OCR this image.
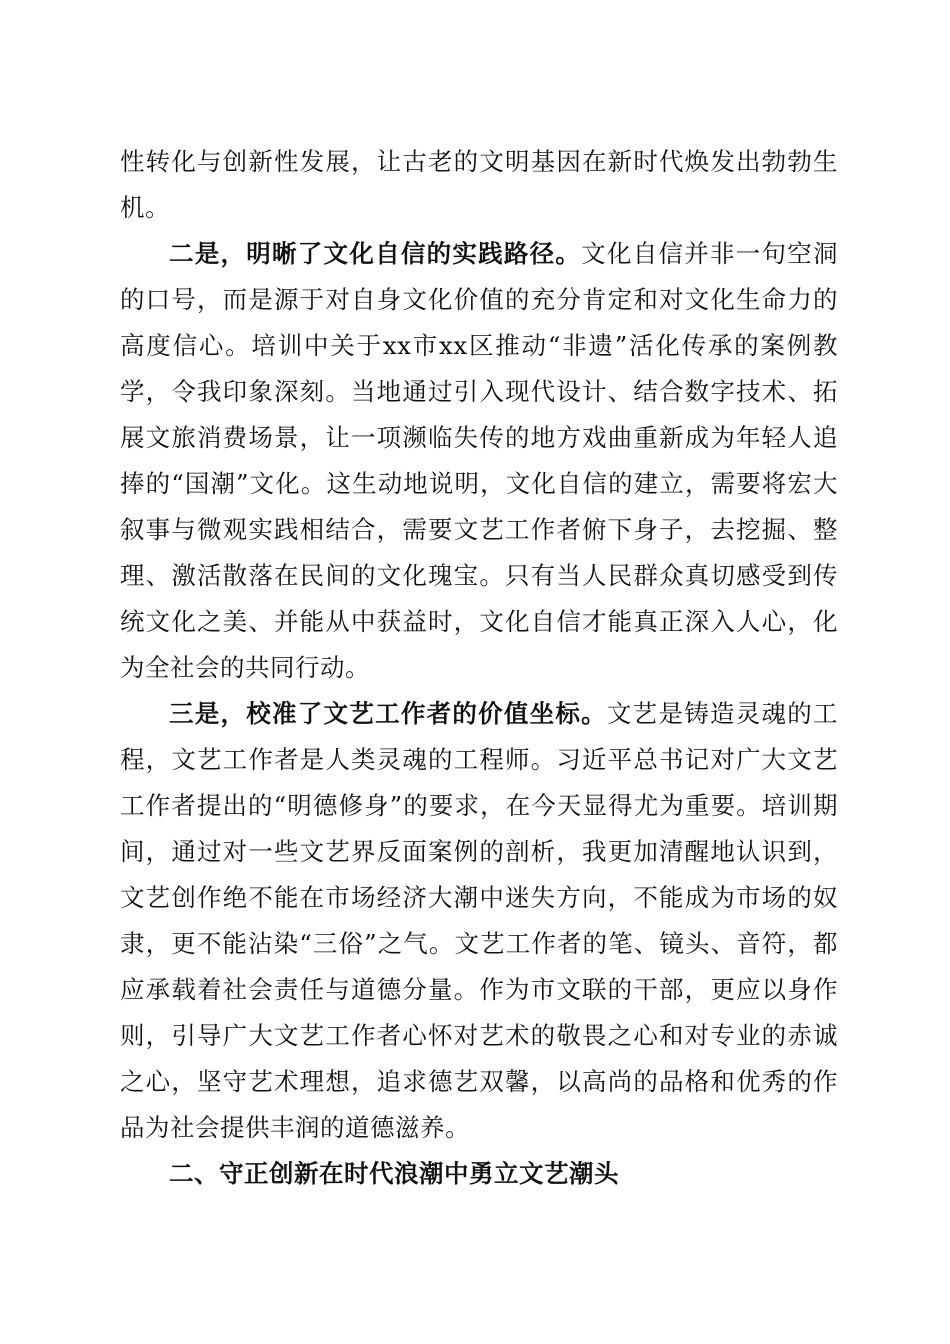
性转化与创新性发展，让古老的文明基因在新时代焕发出勃勃生机。

二是，明晰了文化自信的实践路径。文化自信并非一句空洞的口号，而是源于对自身文化价值的充分肯定和对文化生命力的高度信心。培训中关于xx市xx区推动“非遗”活化传承的案例教学，令我印象深刻。当地通过引入现代设计、结合数字技术、拓展文旅消费场景，让一项濒临失传的地方戏曲重新成为年轻人追捧的“国潮”文化。这生动地说明，文化自信的建立，需要将宏大叙事与微观实践相结合，需要文艺工作者俯下身子，去挖掘、整理、激活散落在民间的文化瑰宝。只有当人民群众真切感受到传统文化之美、并能从中获益时，文化自信才能真正深入人心，化为全社会的共同行动。

三是，校准了文艺工作者的价值坐标。文艺是铸造灵魂的工程，文艺工作者是人类灵魂的工程师。习近平总书记对广大文艺工作者提出的“明德修身”的要求，在今天显得尤为重要。培训期间，通过对一些文艺界反面案例的剖析，我更加清醒地认识到，文艺创作绝不能在市场经济大潮中迷失方向，不能成为市场的奴隶，更不能沾染“三俗”之气。文艺工作者的笔、镜头、音符，都应承载着社会责任与道德分量。作为市文联的干部，更应以身作则，引导广大文艺工作者心怀对艺术的敬畏之心和对专业的赤诚之心，坚守艺术理想，追求德艺双馨，以高尚的品格和优秀的作品为社会提供丰润的道德滋养。

二、守正创新在时代浪潮中勇立文艺潮头
